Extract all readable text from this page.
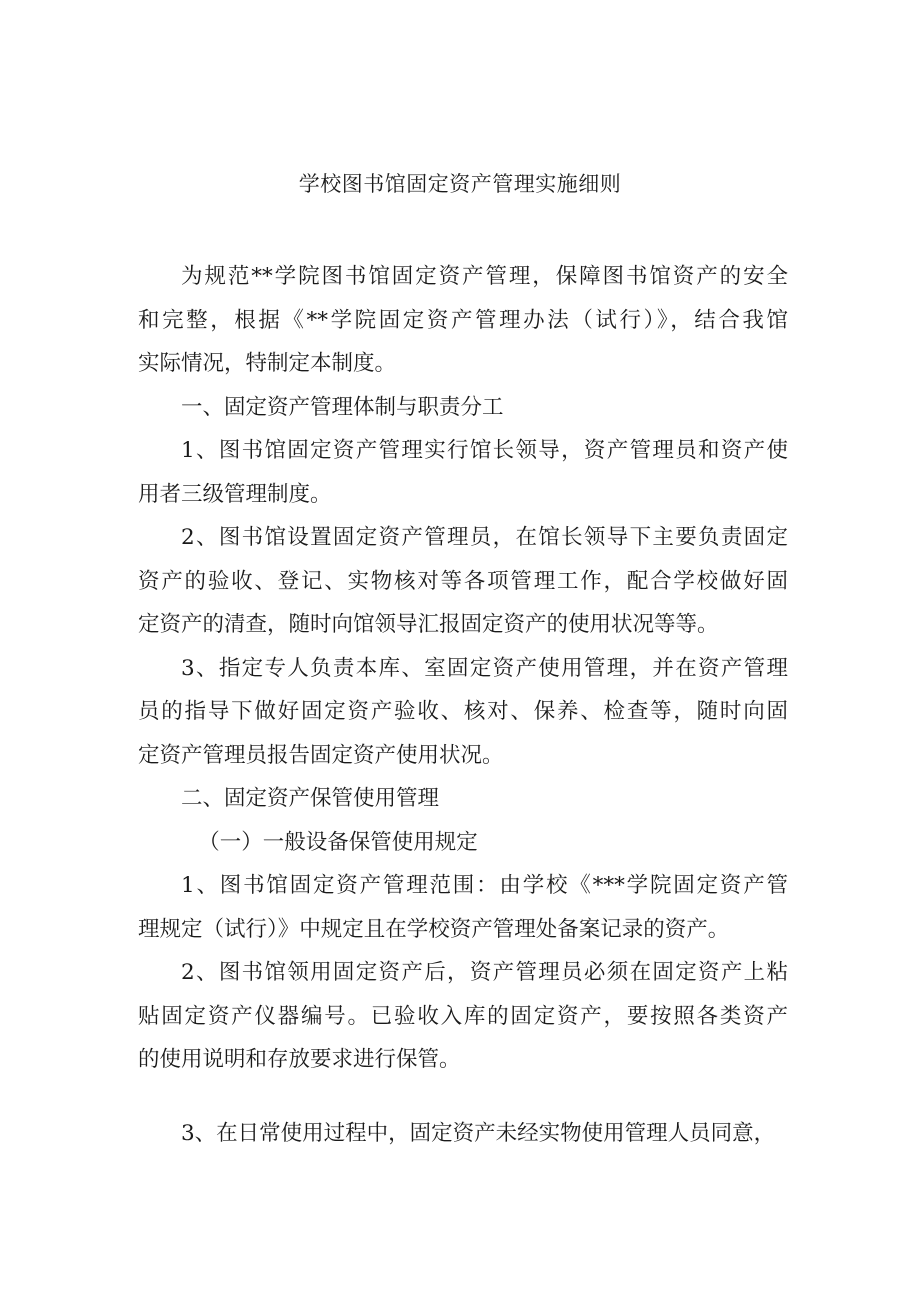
学校图书馆固定资产管理实施细则

为规范**学院图书馆固定资产管理，保障图书馆资产的安全
和完整，根据《**学院固定资产管理办法（试行）》，结合我馆
实际情况，特制定本制度。

一、固定资产管理体制与职责分工

1、图书馆固定资产管理实行馆长领导，资产管理员和资产使
用者三级管理制度。

2、图书馆设置固定资产管理员，在馆长领导下主要负责固定
资产的验收、登记、实物核对等各项管理工作，配合学校做好固
定资产的清查，随时向馆领导汇报固定资产的使用状况等等。

3、指定专人负责本库、室固定资产使用管理，并在资产管理
员的指导下做好固定资产验收、核对、保养、检查等，随时向固
定资产管理员报告固定资产使用状况。

二、固定资产保管使用管理

（一）一般设备保管使用规定

1、图书馆固定资产管理范围：由学校《***学院固定资产管
理规定（试行）》中规定且在学校资产管理处备案记录的资产。

2、图书馆领用固定资产后，资产管理员必须在固定资产上粘
贴固定资产仪器编号。已验收入库的固定资产，要按照各类资产
的使用说明和存放要求进行保管。

3、在日常使用过程中，固定资产未经实物使用管理人员同意，
